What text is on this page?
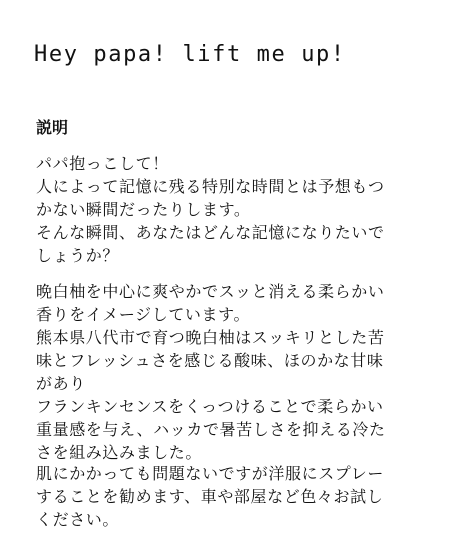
Hey papa! lift me up!
説明
パパ抱っこして！
人によって記憶に残る特別な時間とは予想もつ
かない瞬間だったりします。
そんな瞬間、あなたはどんな記憶になりたいで
しょうか？
晩白柚を中心に爽やかでスッと消える柔らかい
香りをイメージしています。
熊本県八代市で育つ晩白柚はスッキリとした苦
味とフレッシュさを感じる酸味、ほのかな甘味
があり
フランキンセンスをくっつけることで柔らかい
重量感を与え、ハッカで暑苦しさを抑える冷た
さを組み込みました。
肌にかかっても問題ないですが洋服にスプレー
することを勧めます、車や部屋など色々お試し
ください。
